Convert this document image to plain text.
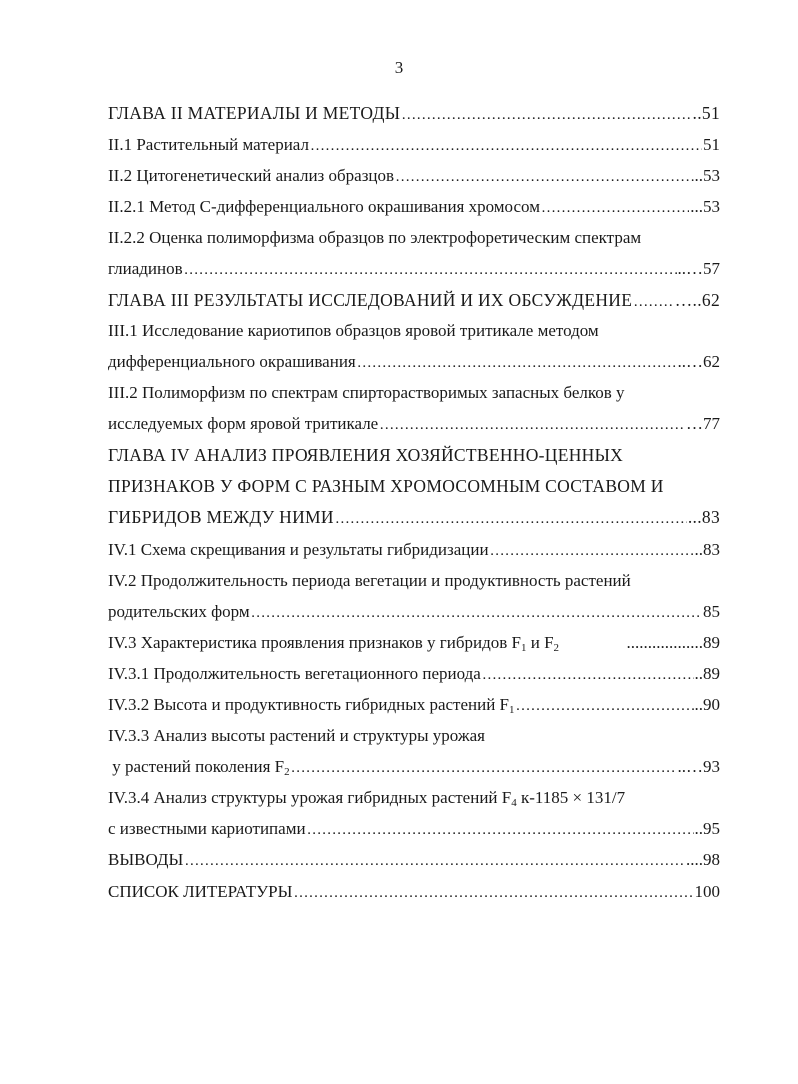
3
ГЛАВА II МАТЕРИАЛЫ И МЕТОДЫ ……………………………………………………………………………………………………………………………………………………………………………………………………………………	..51
II.1 Растительный материал ……………………………………………………………………………………………………………………………………………………………………………………………………………………	51
II.2 Цитогенетический анализ образцов ……………………………………………………………………………………………………………………………………………………………………………………………………………………	..53
II.2.1 Метод С-дифференциального окрашивания хромосом ……………………………………………………………………………………………………………………………………………………………………………………………………………………	...53
II.2.2 Оценка полиморфизма образцов по электрофоретическим спектрам
глиадинов ……………………………………………………………………………………………………………………………………………………………………………………………………………………	..…57
ГЛАВА III РЕЗУЛЬТАТЫ ИССЛЕДОВАНИЙ И ИХ ОБСУЖДЕНИЕ …………………………………………………………………………………………………………………………………………………………………………………………………………………… …..62
III.1 Исследование кариотипов образцов яровой тритикале методом
дифференциального окрашивания ……………………………………………………………………………………………………………………………………………………………………………………………………………………	..…62
III.2 Полиморфизм по спектрам спирторастворимых запасных белков у
исследуемых форм яровой тритикале ……………………………………………………………………………………………………………………………………………………………………………………………………………………	…77
ГЛАВА IV АНАЛИЗ ПРОЯВЛЕНИЯ ХОЗЯЙСТВЕННО-ЦЕННЫХ
ПРИЗНАКОВ У ФОРМ С РАЗНЫМ ХРОМОСОМНЫМ СОСТАВОМ И
ГИБРИДОВ МЕЖДУ НИМИ ……………………………………………………………………………………………………………………………………………………………………………………………………………………	...83
IV.1 Схема скрещивания и результаты гибридизации ……………………………………………………………………………………………………………………………………………………………………………………………………………………	..83
IV.2 Продолжительность периода вегетации и продуктивность растений
родительских форм ……………………………………………………………………………………………………………………………………………………………………………………………………………………	85
IV.3 Характеристика проявления признаков у гибридов $F_1$ и $F_2$	..................89
IV.3.1 Продолжительность вегетационного периода ……………………………………………………………………………………………………………………………………………………………………………………………………………………	..89
IV.3.2 Высота и продуктивность гибридных растений $F_1$ ……………………………………………………………………………………………………………………………………………………………………………………………………………………	..90
IV.3.3 Анализ высоты растений и структуры урожая
у растений поколения $F_2$ ……………………………………………………………………………………………………………………………………………………………………………………………………………………	..…93
IV.3.4 Анализ структуры урожая гибридных растений $F_4$ к-1185 × 131/7
с известными кариотипами ……………………………………………………………………………………………………………………………………………………………………………………………………………………	..95
ВЫВОДЫ ……………………………………………………………………………………………………………………………………………………………………………………………………………………	....98
СПИСОК ЛИТЕРАТУРЫ ……………………………………………………………………………………………………………………………………………………………………………………………………………………	100
